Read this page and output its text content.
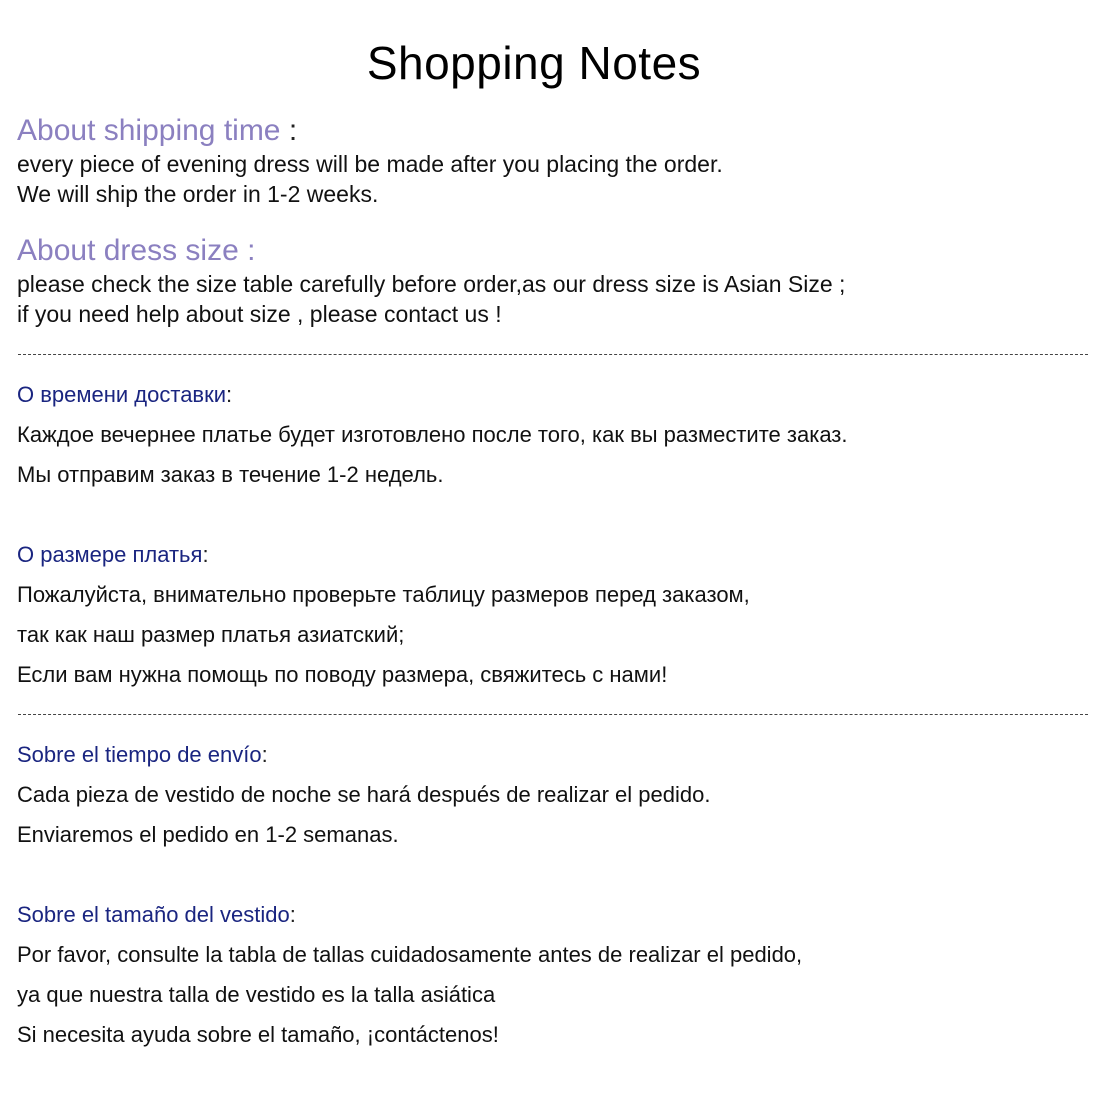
Shopping Notes
About shipping time :
every piece of evening dress will be made after you placing the order.
We will ship the order in 1-2 weeks.
About dress size :
please check the size table carefully before order,as our dress size is Asian Size ;
if you need help about size , please contact us !
О времени доставки:
Каждое вечернее платье будет изготовлено после того, как вы разместите заказ.
Мы отправим заказ в течение 1-2 недель.
О размере платья:
Пожалуйста, внимательно проверьте таблицу размеров перед заказом,
так как наш размер платья азиатский;
Если вам нужна помощь по поводу размера, свяжитесь с нами!
Sobre el tiempo de envío:
Cada pieza de vestido de noche se hará después de realizar el pedido.
Enviaremos el pedido en 1-2 semanas.
Sobre el tamaño del vestido:
Por favor, consulte la tabla de tallas cuidadosamente antes de realizar el pedido,
ya que nuestra talla de vestido es la talla asiática
Si necesita ayuda sobre el tamaño, ¡contáctenos!
